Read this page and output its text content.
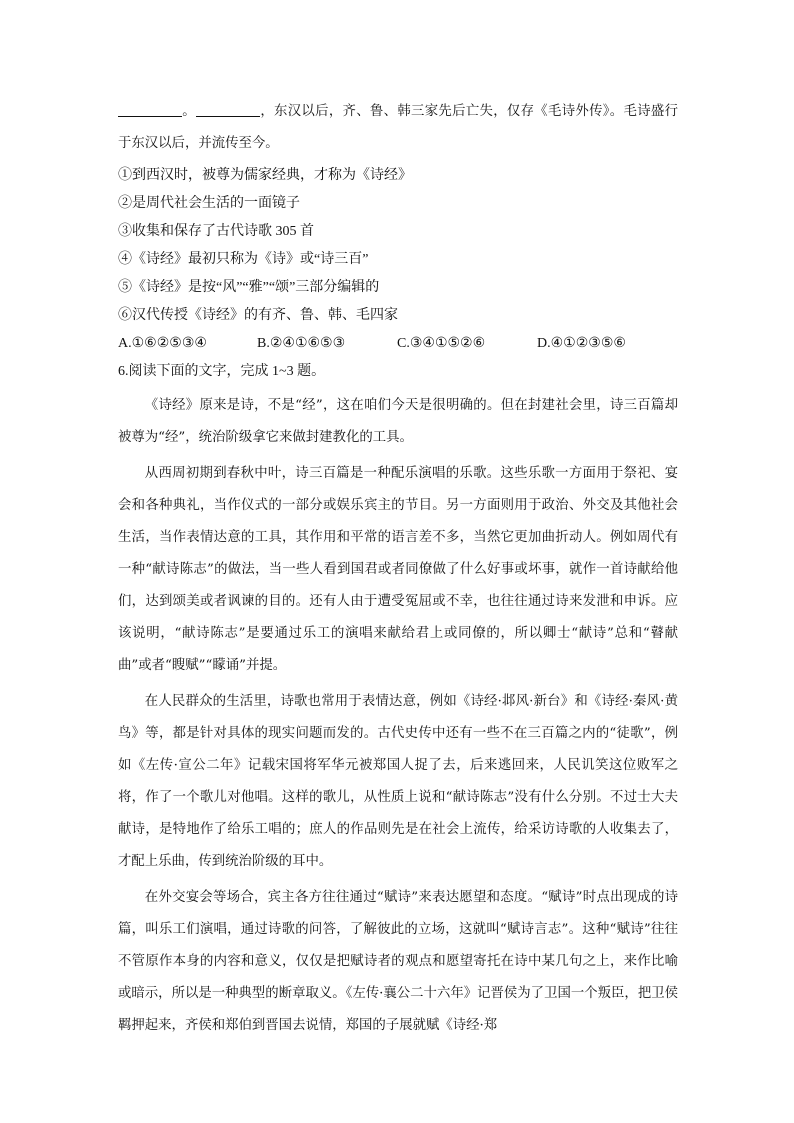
。	，东汉以后，齐、鲁、韩三家先后亡失，仅存《毛诗外传》。毛诗盛行于东汉以后，并流传至今。

①到西汉时，被尊为儒家经典，才称为《诗经》

②是周代社会生活的一面镜子

③收集和保存了古代诗歌 305 首

④《诗经》最初只称为《诗》或“诗三百”

⑤《诗经》是按“风”“雅”“颂”三部分编辑的

⑥汉代传授《诗经》的有齐、鲁、韩、毛四家

A.①⑥②⑤③④	B.②④①⑥⑤③	C.③④①⑤②⑥	D.④①②③⑤⑥

6.阅读下面的文字，完成 1~3 题。

《诗经》原来是诗，不是“经”，这在咱们今天是很明确的。但在封建社会里，诗三百篇却被尊为“经”，统治阶级拿它来做封建教化的工具。

从西周初期到春秋中叶，诗三百篇是一种配乐演唱的乐歌。这些乐歌一方面用于祭祀、宴会和各种典礼，当作仪式的一部分或娱乐宾主的节目。另一方面则用于政治、外交及其他社会生活，当作表情达意的工具，其作用和平常的语言差不多，当然它更加曲折动人。例如周代有一种“献诗陈志”的做法，当一些人看到国君或者同僚做了什么好事或坏事，就作一首诗献给他们，达到颂美或者讽谏的目的。还有人由于遭受冤屈或不幸，也往往通过诗来发泄和申诉。应该说明，“献诗陈志”是要通过乐工的演唱来献给君上或同僚的，所以卿士“献诗”总和“瞽献曲”或者“瞍赋”“矇诵”并提。

在人民群众的生活里，诗歌也常用于表情达意，例如《诗经·邶风·新台》和《诗经·秦风·黄鸟》等，都是针对具体的现实问题而发的。古代史传中还有一些不在三百篇之内的“徒歌”，例如《左传·宣公二年》记载宋国将军华元被郑国人捉了去，后来逃回来，人民讥笑这位败军之将，作了一个歌儿对他唱。这样的歌儿，从性质上说和“献诗陈志”没有什么分别。不过士大夫献诗，是特地作了给乐工唱的；庶人的作品则先是在社会上流传，给采访诗歌的人收集去了，才配上乐曲，传到统治阶级的耳中。

在外交宴会等场合，宾主各方往往通过“赋诗”来表达愿望和态度。“赋诗”时点出现成的诗篇，叫乐工们演唱，通过诗歌的问答，了解彼此的立场，这就叫“赋诗言志”。这种“赋诗”往往不管原作本身的内容和意义，仅仅是把赋诗者的观点和愿望寄托在诗中某几句之上，来作比喻或暗示，所以是一种典型的断章取义。《左传·襄公二十六年》记晋侯为了卫国一个叛臣，把卫侯羁押起来，齐侯和郑伯到晋国去说情，郑国的子展就赋《诗经·郑
